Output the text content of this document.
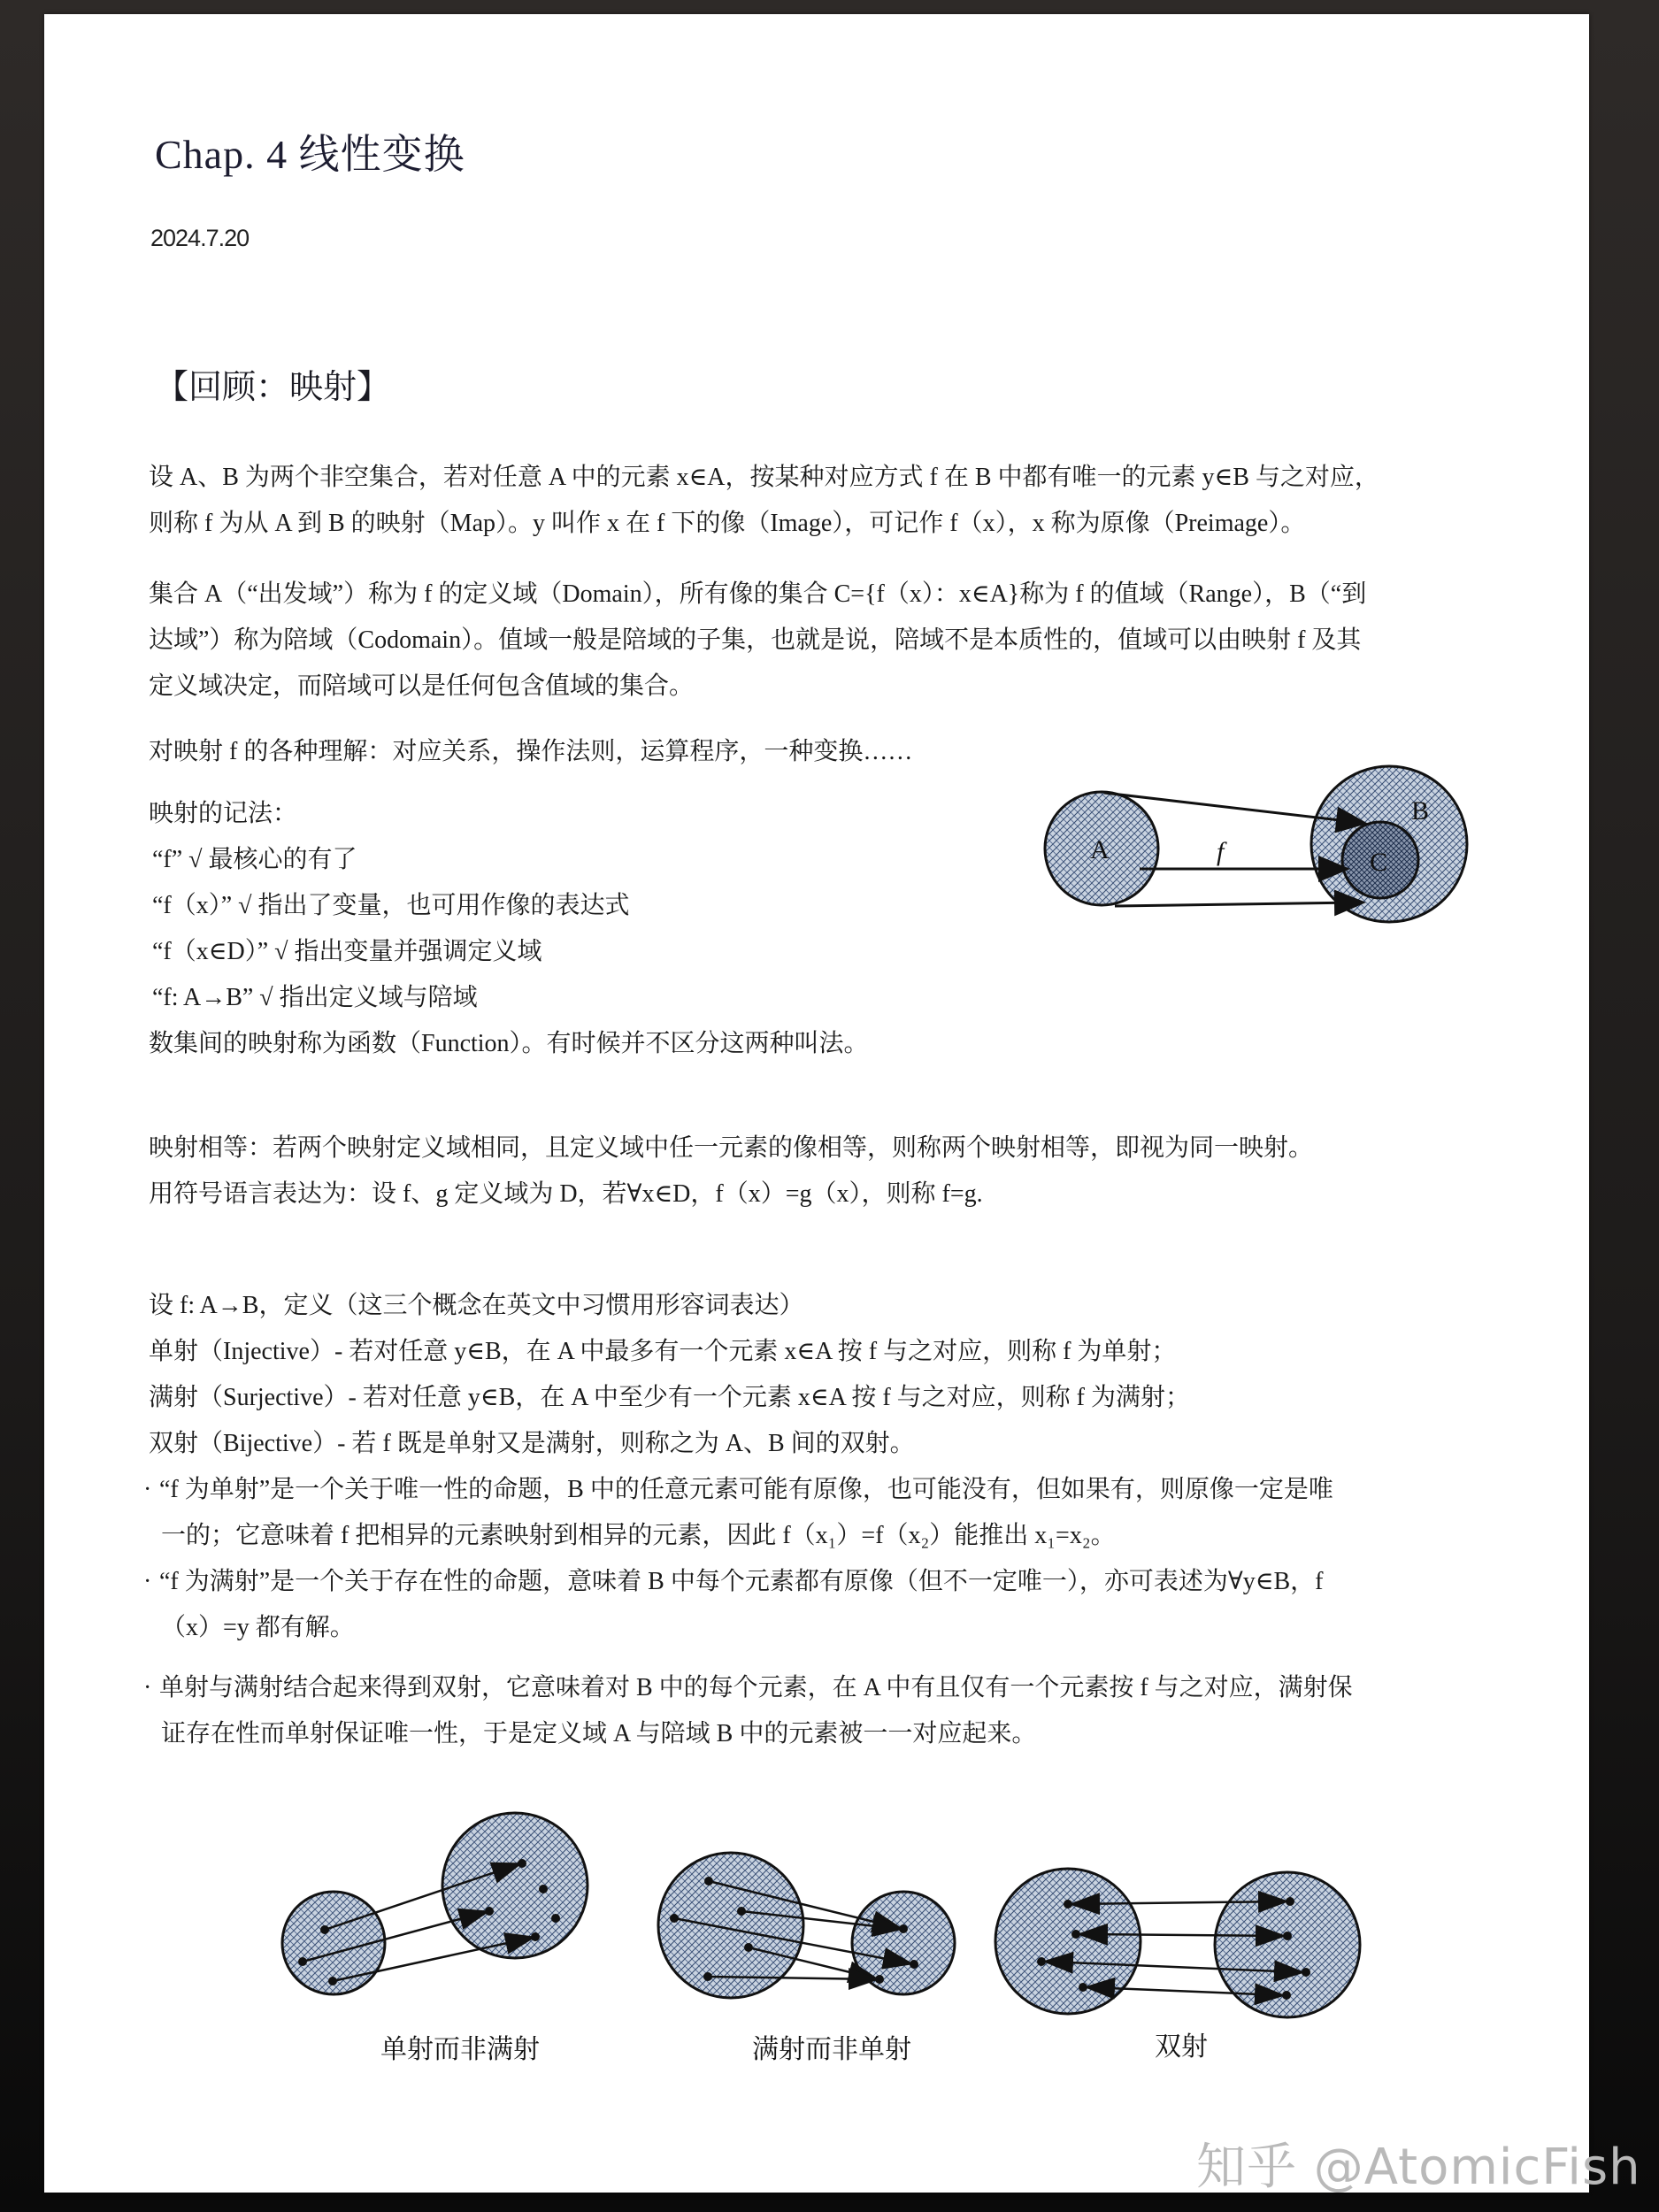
Chap. 4 线性变换
2024.7.20
【回顾：映射】
设 A、B 为两个非空集合，若对任意 A 中的元素 x∈A，按某种对应方式 f 在 B 中都有唯一的元素 y∈B 与之对应，
则称 f 为从 A 到 B 的映射（Map）。y 叫作 x 在 f 下的像（Image），可记作 f（x），x 称为原像（Preimage）。
集合 A（“出发域”）称为 f 的定义域（Domain），所有像的集合 C={f（x）：x∈A}称为 f 的值域（Range），B（“到
达域”）称为陪域（Codomain）。值域一般是陪域的子集，也就是说，陪域不是本质性的，值域可以由映射 f 及其
定义域决定，而陪域可以是任何包含值域的集合。
对映射 f 的各种理解：对应关系，操作法则，运算程序，一种变换……
映射的记法：
“f” √ 最核心的有了
“f（x）” √ 指出了变量，也可用作像的表达式
“f（x∈D）” √ 指出变量并强调定义域
“f: A→B” √ 指出定义域与陪域
数集间的映射称为函数（Function）。有时候并不区分这两种叫法。
A
B
C
f
映射相等：若两个映射定义域相同，且定义域中任一元素的像相等，则称两个映射相等，即视为同一映射。
用符号语言表达为：设 f、g 定义域为 D，若∀x∈D，f（x）=g（x），则称 f=g.
设 f: A→B，定义（这三个概念在英文中习惯用形容词表达）
单射（Injective）- 若对任意 y∈B，在 A 中最多有一个元素 x∈A 按 f 与之对应，则称 f 为单射；
满射（Surjective）- 若对任意 y∈B，在 A 中至少有一个元素 x∈A 按 f 与之对应，则称 f 为满射；
双射（Bijective）- 若 f 既是单射又是满射，则称之为 A、B 间的双射。
· “f 为单射”是一个关于唯一性的命题，B 中的任意元素可能有原像，也可能没有，但如果有，则原像一定是唯
一的；它意味着 f 把相异的元素映射到相异的元素，因此 f（x₁）=f（x₂）能推出 x₁=x₂。
· “f 为满射”是一个关于存在性的命题，意味着 B 中每个元素都有原像（但不一定唯一），亦可表述为∀y∈B，f
（x）=y 都有解。
· 单射与满射结合起来得到双射，它意味着对 B 中的每个元素，在 A 中有且仅有一个元素按 f 与之对应，满射保
证存在性而单射保证唯一性，于是定义域 A 与陪域 B 中的元素被一一对应起来。
单射而非满射	满射而非单射	双射
知乎 @AtomicFish
